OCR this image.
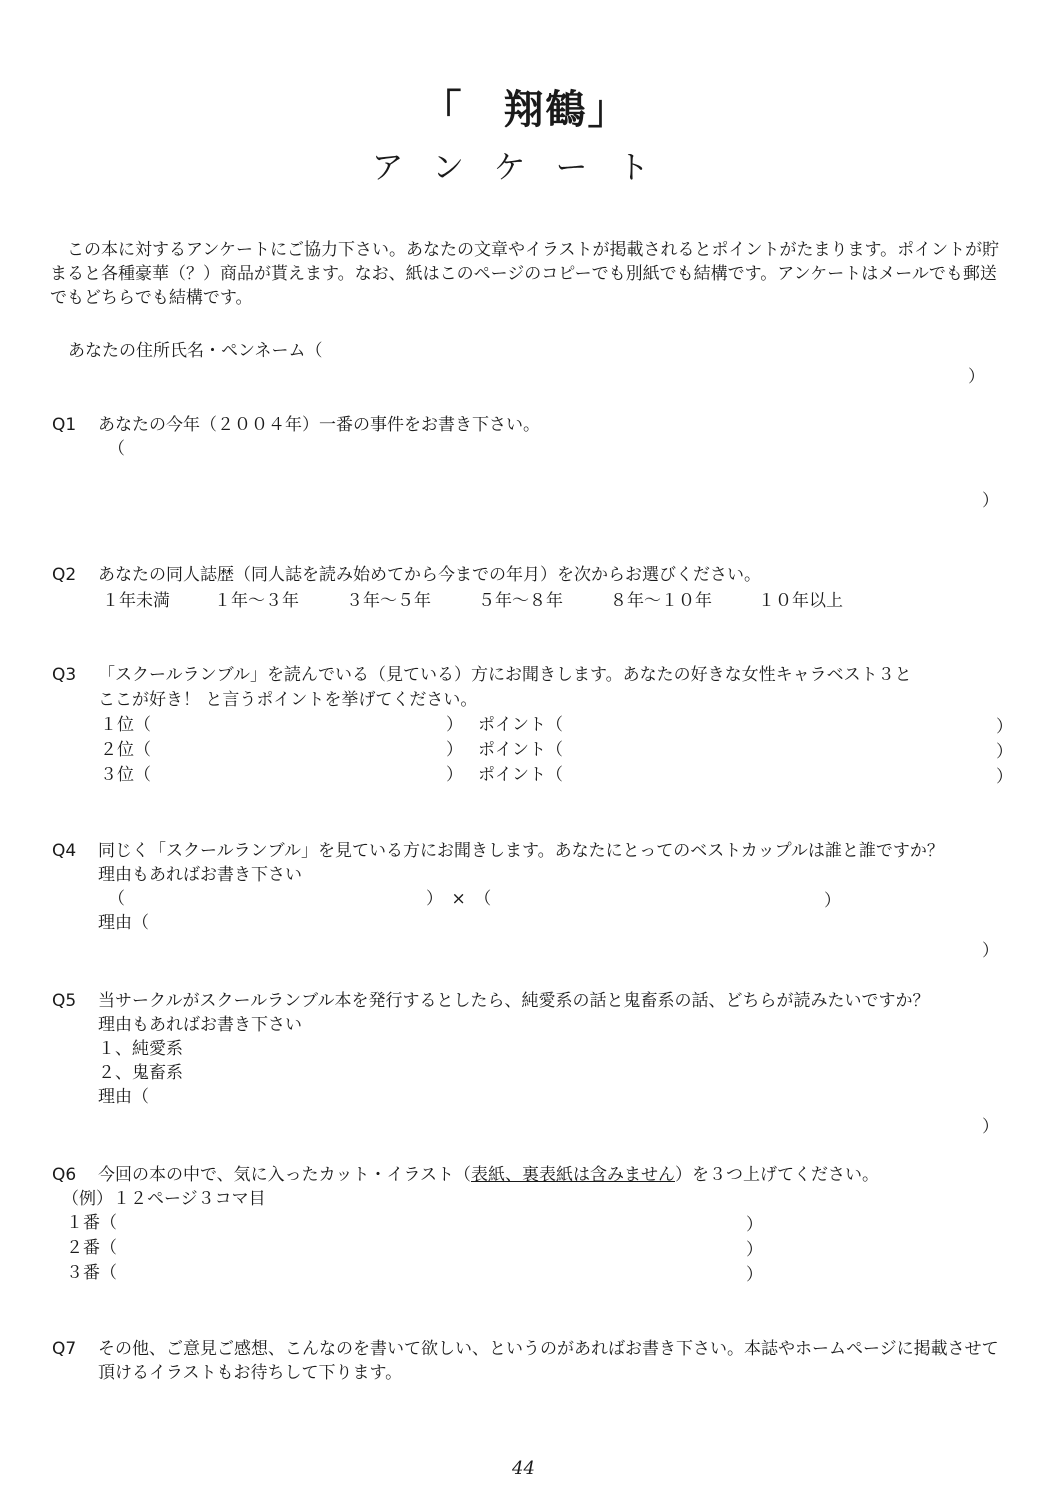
「 翔鶴」
アンケート
この本に対するアンケートにご協力下さい。あなたの文章やイラストが掲載されるとポイントがたまります。ポイントが貯まると各種豪華（？）商品が貰えます。なお、紙はこのページのコピーでも別紙でも結構です。アンケートはメールでも郵送でもどちらでも結構です。
あなたの住所氏名・ペンネーム（
）
Q1 あなたの今年（２００４年）一番の事件をお書き下さい。
（
）
Q2 あなたの同人誌歴（同人誌を読み始めてから今までの年月）を次からお選びください。
１年未満	１年〜３年	３年〜５年	５年〜８年	８年〜１０年	１０年以上
Q3 「スクールランブル」を読んでいる（見ている）方にお聞きします。あなたの好きな女性キャラベスト３と
ここが好き！ と言うポイントを挙げてください。
１位（	） ポイント（	）
２位（	） ポイント（	）
３位（	） ポイント（	）
Q4 同じく「スクールランブル」を見ている方にお聞きします。あなたにとってのベストカップルは誰と誰ですか？
理由もあればお書き下さい
（	）　×　（	）
理由（
）
Q5 当サークルがスクールランブル本を発行するとしたら、純愛系の話と鬼畜系の話、どちらが読みたいですか？
理由もあればお書き下さい
１、純愛系
２、鬼畜系
理由（
）
Q6 今回の本の中で、気に入ったカット・イラスト（表紙、裏表紙は含みません）を３つ上げてください。
（例）１２ページ３コマ目
１番（	）
２番（	）
３番（	）
Q7 その他、ご意見ご感想、こんなのを書いて欲しい、というのがあればお書き下さい。本誌やホームページに掲載させて
頂けるイラストもお待ちして下ります。
44
